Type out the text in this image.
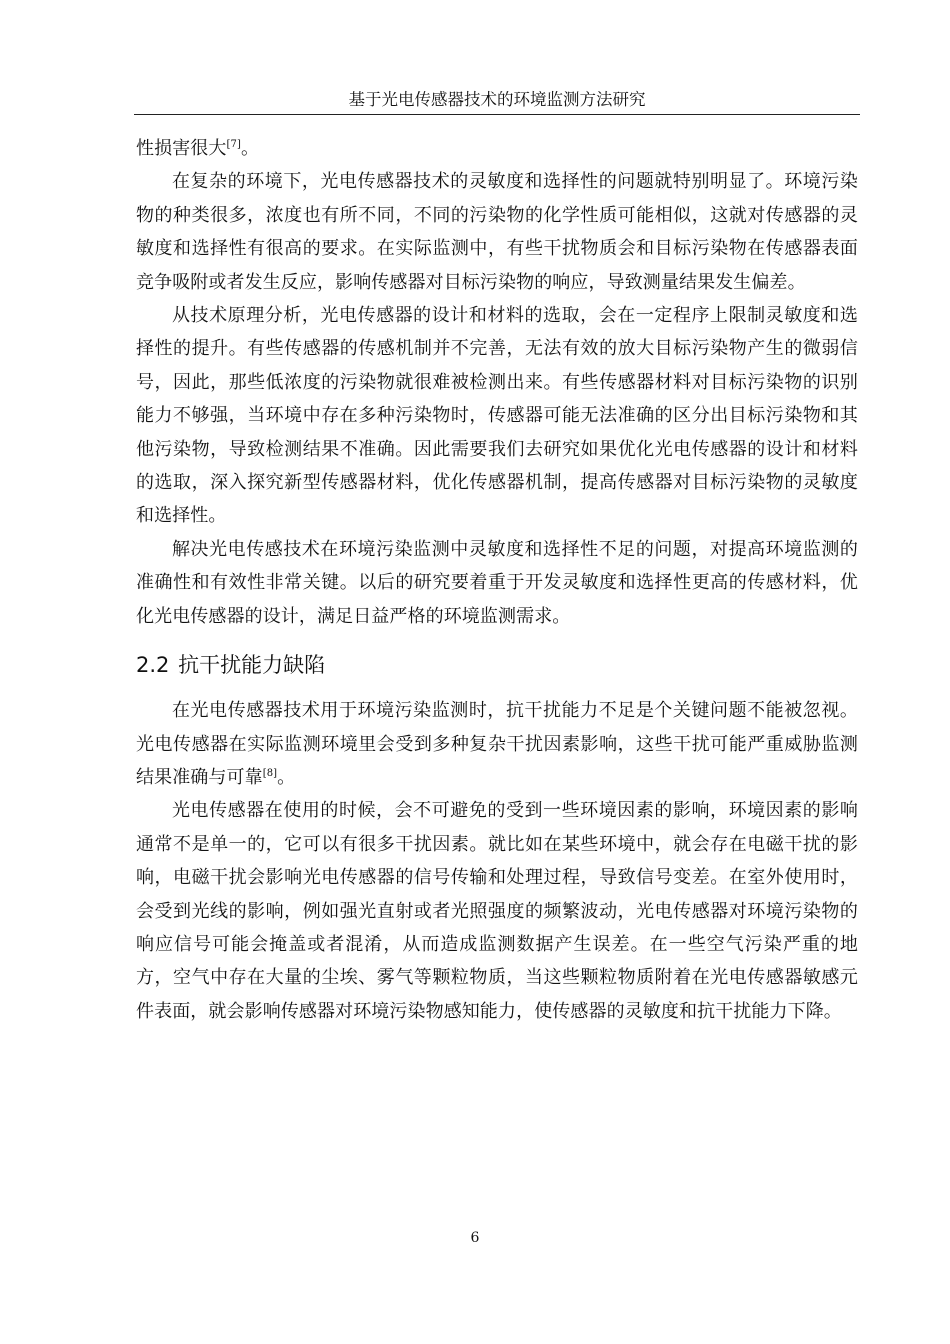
基于光电传感器技术的环境监测方法研究

性损害很大[7]。

在复杂的环境下，光电传感器技术的灵敏度和选择性的问题就特别明显了。环境污染物的种类很多，浓度也有所不同，不同的污染物的化学性质可能相似，这就对传感器的灵敏度和选择性有很高的要求。在实际监测中，有些干扰物质会和目标污染物在传感器表面竞争吸附或者发生反应，影响传感器对目标污染物的响应，导致测量结果发生偏差。

从技术原理分析，光电传感器的设计和材料的选取，会在一定程序上限制灵敏度和选择性的提升。有些传感器的传感机制并不完善，无法有效的放大目标污染物产生的微弱信号，因此，那些低浓度的污染物就很难被检测出来。有些传感器材料对目标污染物的识别能力不够强，当环境中存在多种污染物时，传感器可能无法准确的区分出目标污染物和其他污染物，导致检测结果不准确。因此需要我们去研究如果优化光电传感器的设计和材料的选取，深入探究新型传感器材料，优化传感器机制，提高传感器对目标污染物的灵敏度和选择性。

解决光电传感技术在环境污染监测中灵敏度和选择性不足的问题，对提高环境监测的准确性和有效性非常关键。以后的研究要着重于开发灵敏度和选择性更高的传感材料，优化光电传感器的设计，满足日益严格的环境监测需求。

2.2 抗干扰能力缺陷

在光电传感器技术用于环境污染监测时，抗干扰能力不足是个关键问题不能被忽视。光电传感器在实际监测环境里会受到多种复杂干扰因素影响，这些干扰可能严重威胁监测结果准确与可靠[8]。

光电传感器在使用的时候，会不可避免的受到一些环境因素的影响，环境因素的影响通常不是单一的，它可以有很多干扰因素。就比如在某些环境中，就会存在电磁干扰的影响，电磁干扰会影响光电传感器的信号传输和处理过程，导致信号变差。在室外使用时，会受到光线的影响，例如强光直射或者光照强度的频繁波动，光电传感器对环境污染物的响应信号可能会掩盖或者混淆，从而造成监测数据产生误差。在一些空气污染严重的地方，空气中存在大量的尘埃、雾气等颗粒物质，当这些颗粒物质附着在光电传感器敏感元件表面，就会影响传感器对环境污染物感知能力，使传感器的灵敏度和抗干扰能力下降。

6
